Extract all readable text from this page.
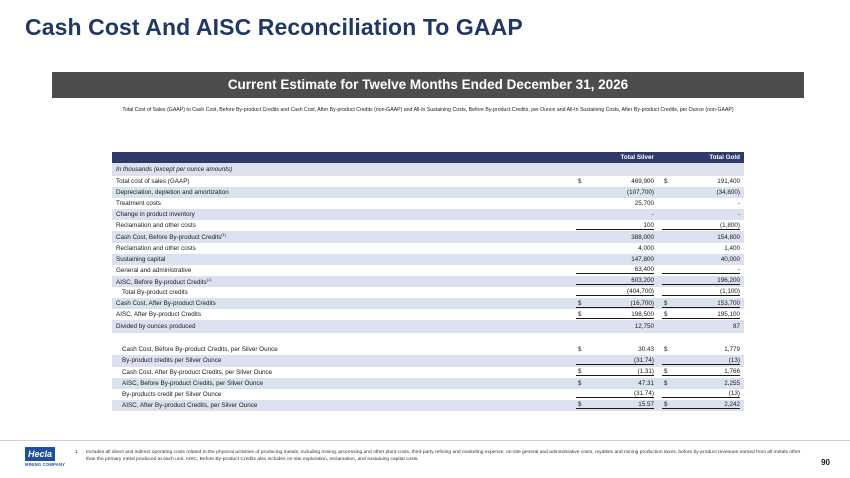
Cash Cost And AISC Reconciliation To GAAP
Current Estimate for Twelve Months Ended December 31, 2026
Total Cost of Sales (GAAP) to Cash Cost, Before By-product Credits and Cash Cost, After By-product Credits (non-GAAP) and All-In Sustaining Costs, Before By-product Credits, per Ounce and All-In Sustaining Costs, After By-product Credits, per Ounce (non-GAAP)
	Total Silver	Total Gold
In thousands (except per ounce amounts)		
Total cost of sales (GAAP)	$ 469,900	$ 191,400

Depreciation, depletion and amortization	(107,700)	(34,800)

Treatment costs	25,700	-

Change in product inventory	-	-

Reclamation and other costs	100	(1,800)

Cash Cost, Before By-product Credits$^{(1)}$	388,000	154,800

Reclamation and other costs	4,000	1,400

Sustaining capital	147,800	40,000

General and administrative	63,400	-

AISC, Before By-product Credits$^{(1)}$	603,200	196,200

Total By-product credits	(404,700)	(1,100)

Cash Cost, After By-product Credits	$ (16,700)	$ 153,700

AISC, After By-product Credits	$ 198,500	$ 195,100

Divided by ounces produced	12,750	87

Cash Cost, Before By-product Credits, per Silver Ounce	$ 30.43	$ 1,779

By-product credits per Silver Ounce	(31.74)	(13)

Cash Cost, After By-product Credits, per Silver Ounce	$ (1.31)	$ 1,766

AISC, Before By-product Credits, per Silver Ounce	$ 47.31	$ 2,255

By-products credit per Silver Ounce	(31.74)	(13)

AISC, After By-product Credits, per Silver Ounce	$ 15.57	$ 2,242
Hecla
MINING COMPANY
1. Includes all direct and indirect operating costs related to the physical activities of producing metals, including mining, processing and other plant costs, third-party refining and marketing expense, on-site general and administrative costs, royalties and mining production taxes, before by-product revenues earned from all metals other than the primary metal produced at each unit. AISC, Before By-product Credits also includes on-site exploration, reclamation, and sustaining capital costs.	90
